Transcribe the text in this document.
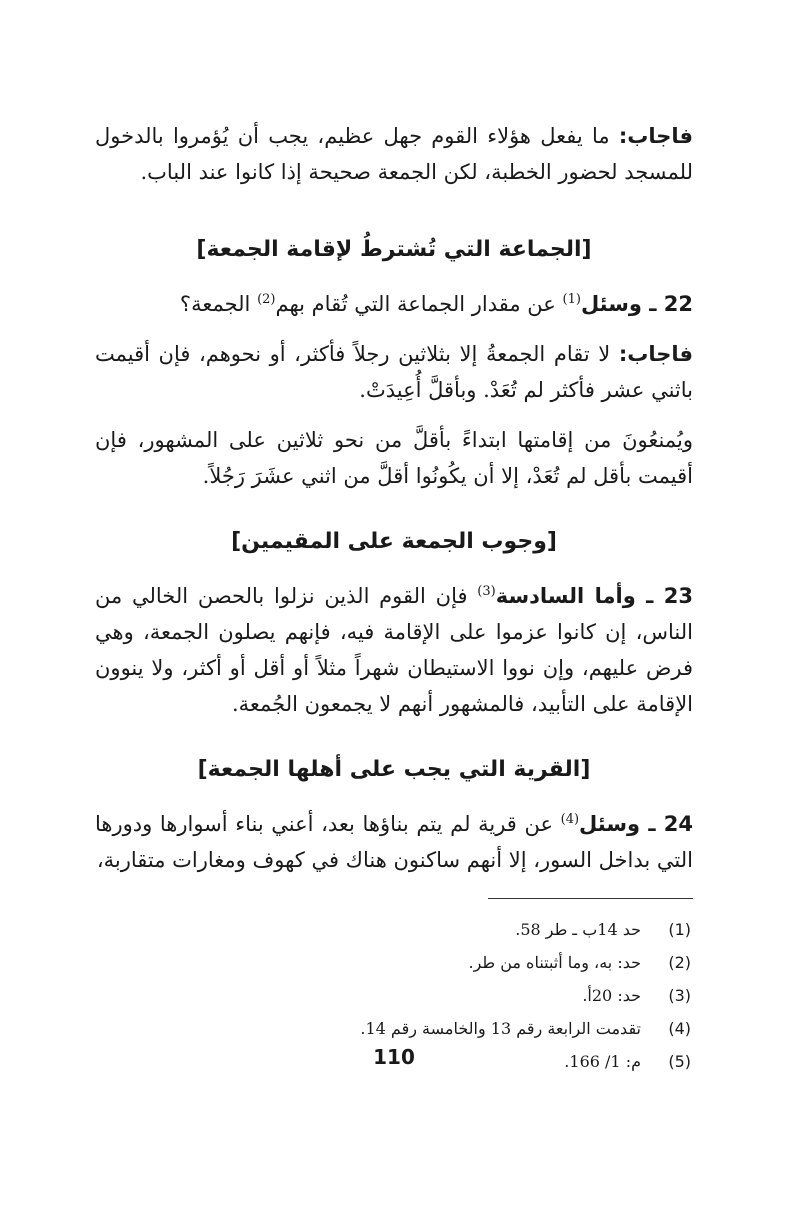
فاجاب: ما يفعل هؤلاء القوم جهل عظيم، يجب أن يُؤمروا بالدخول للمسجد لحضور الخطبة، لكن الجمعة صحيحة إذا كانوا عند الباب.

[الجماعة التي تُشترطُ لإقامة الجمعة]

22 ـ وسئل$^{(1)}$ عن مقدار الجماعة التي تُقام بهم$^{(2)}$ الجمعة؟

فاجاب: لا تقام الجمعةُ إلا بثلاثين رجلاً فأكثر، أو نحوهم، فإن أقيمت باثني عشر فأكثر لم تُعَدْ. وبأقلَّ أُعِيدَتْ.

ويُمنعُونَ من إقامتها ابتداءً بأقلَّ من نحو ثلاثين على المشهور، فإن أقيمت بأقل لم تُعَدْ، إلا أن يكُونُوا أقلَّ من اثني عشَرَ رَجُلاً.

[وجوب الجمعة على المقيمين]

23 ـ وأما السادسة$^{(3)}$ فإن القوم الذين نزلوا بالحصن الخالي من الناس، إن كانوا عزموا على الإقامة فيه، فإنهم يصلون الجمعة، وهي فرض عليهم، وإن نووا الاستيطان شهراً مثلاً أو أقل أو أكثر، ولا ينوون الإقامة على التأبيد، فالمشهور أنهم لا يجمعون الجُمعة.

[القرية التي يجب على أهلها الجمعة]

24 ـ وسئل$^{(4)}$ عن قرية لم يتم بناؤها بعد، أعني بناء أسوارها ودورها التي بداخل السور، إلا أنهم ساكنون هناك في كهوف ومغارات متقاربة،

(1)
حد 14ب ـ طر 58.
(2)
حد: به، وما أثبتناه من طر.
(3)
حد: 20أ.
(4)
تقدمت الرابعة رقم 13 والخامسة رقم 14.
(5)
م: 1/ 166.
110
